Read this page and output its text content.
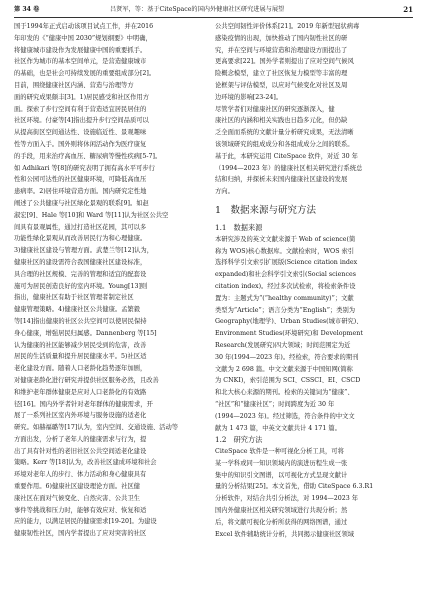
第 34 卷	吕贤军，等：基于CiteSpace的国内外健康社区研究进展与展望	21
国于1994年正式启动该项目试点工作，并在2016
年印发的《“健康中国 2030”规划纲要》中明确，
将健康城市建设作为发展健康中国的重要抓手。
社区作为城市的基本空间单元，是营造健康城市
的基础，也是社会可持续发展的重要组成部分[2]。
目前，围绕健康社区内涵、营造与治理等方
面的研究成果颇丰[3]。1)居民感受和社区作用方
面。探索了步行空间有利于营造适宜居民居住的
社区环境。付豪等[4]指出提升步行空间品质可以
从提高街区空间通达性、设施临近性、景观趣味
性等方面入手。国外则将休闲活动作为医疗康复
的手段，用来治疗高血压、糖尿病等慢性疾病[5-7]。
如 Adhikari 等[8]的研究表明了拥有高水平可步行
性和公园可达性的社区健康环境，可降低高血压
患病率。2)居住环境营造方面。国内研究定性地
阐述了公共健康与社区绿化景观的联系[9]。如赵
淑宏[9]、Hale 等[10]和 Ward 等[11]认为社区公共空
间具有景观属性，通过打造社区花园，其可以多
功能性绿化景观从而改善居民行为和心理健康。
3)健康社区建设与管理方面。武楚兰等[12]认为，
健康社区的建设需符合我国健康社区建设标准，
具合理的社区规模、完善的管理和适宜的配套设
施可为居民创造良好的室内环境。Young[13]则
指出，健康社区有助于社区管理者制定社区
健康管理策略。4)健康社区公共健康。孟繁毅
等[14]指出健康的社区公共空间可以使居民保持
身心健康，增强居民归属感。Dannenberg 等[15]
认为健康的社区能够减少居民受到的危害，改善
居民的生活质量和提升居民健康水平。5)社区适
老化建设方面。随着人口老龄化趋势逐年加剧，
对健康老龄化进行研究并提供社区服务必然，且改善
和维护老年群体健康是应对人口老龄化的有效路
径[16]。国内外学者针对老年群体的健康需求，开
展了一系列社区室内外环境与服务设施的适老化
研究。如赫福璐等[17]认为，室内空间、交通设施、活动等
方面出发，分析了老年人的健康需求与行为，提
出了具有针对性的老旧社区公共空间适老化建设
策略。Kerr 等[18]认为，改善社区建成环境和社会
环境对老年人的步行、体力活动和身心健康具有
重要作用。6)健康社区建设理论方面。社区健
康社区在面对气候变化、自然灾害、公共卫生
事件等挑战和压力时，能够有效应对、恢复和适
应的能力，以满足居民的健康需求[19-20]。为建设
健康韧性社区，国内学者提出了应对突害的社区
公共空间韧性评价体系[21]。2019 年新型冠状病毒
感染疫情的出现，加快推动了国内韧性社区的研
究，并在空间与环境营造和治理建设方面提出了
更高要求[22]。国外学者则提出了应对空间气候风
险概念模型，建立了社区恢复力模型等丰富的理
论框架与评估模型，以应对气候变化对社区及周
边环境的影响[23-24]。
尽管学者们对健康社区的研究逐渐深入，健
康社区的内涵和相关实践也日趋多元化，但仍缺
乏全面而系统的文献计量分析研究成果，无法清晰
该领域研究的组成成分和各组成成分之间的联系。
基于此，本研究运用 CiteSpace 软件，对近 30 年
（1994—2023 年）的健康社区相关研究进行系统总
结和归纳，并探析未来国内健康社区建设的发展
方向。
1　数据来源与研究方法
1.1　数据来源
本研究涉及的英文文献来源于 Web of science(简
称为 WOS)核心数据库。文献检索时，WOS 索引
选择科学引文索引扩展版(Science citation index
expanded)和社会科学引文索引(Social sciences
citation index)。经过多次试检索，将检索条件设
置为：主题式为“(“healthy community)”；文献
类型为“Article”；语言分类为“English”；类别为
Geography(地理学)、Urban Studies(城市研究)、
Environment Studies(环境研究)和 Development
Research(发展研究)四大领域；时间范围定为近
30 年(1994—2023 年)。经检索，符合要求的期刊
文献为 2 698 篇。中文文献来源于中国知网(简称
为 CNKI)，索引范围为 SCI、CSSCI、EI、CSCD
和北大核心来源的期刊。检索的关键词为“健康”、
“社区”和“健康社区”；时间跨度为近 30 年
(1994—2023 年)。经过筛选，符合条件的中文文
献为 1 473 篇，中英文文献共计 4 171 篇。
1.2　研究方法
CiteSpace 软件是一种可视化分析工具，可将
某一学科或同一知识领域内的演进历程生成一张
集中的知识引文图谱，以可视化方式呈现文献计
量的分析结果[25]。本文首先，借助 CiteSpace 6.3.R1
分析软件，对结合共引分析法，对 1994—2023 年
国内外健康社区相关研究领域进行共现分析；然
后，将文献可视化分析所获得的网络图谱，通过
Excel 软件辅助统计分析，共同揭示健康社区领域
